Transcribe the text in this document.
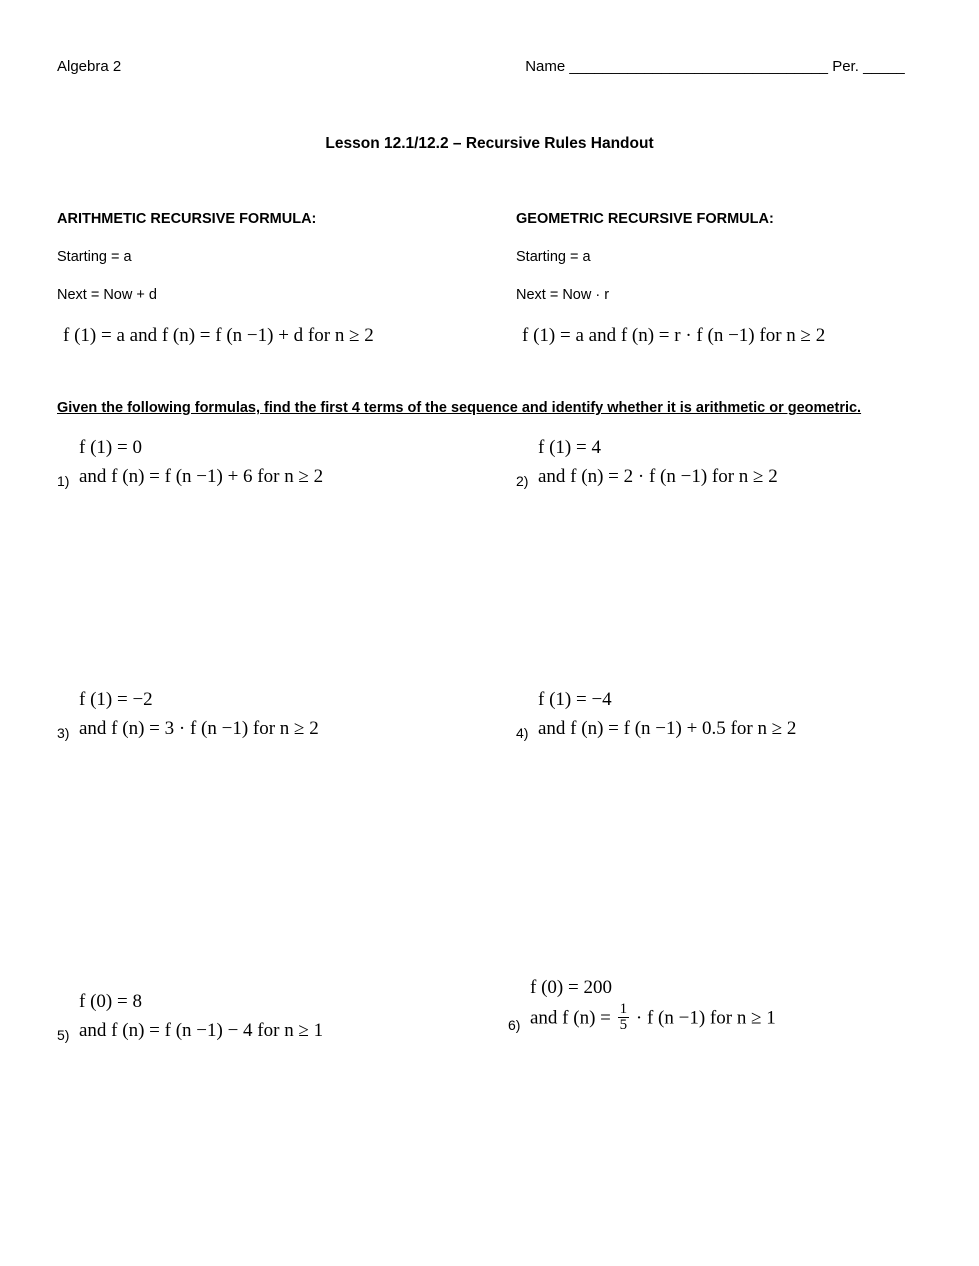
Algebra 2	Name _______________________________ Per. _____
Lesson 12.1/12.2 – Recursive Rules Handout
ARITHMETIC RECURSIVE FORMULA:
Starting = a
Next = Now + d
f (1) = a and f (n) = f (n −1) + d for n ≥ 2
GEOMETRIC RECURSIVE FORMULA:
Starting = a
Next = Now · r
f (1) = a and f (n) = r · f (n −1) for n ≥ 2
Given the following formulas, find the first 4 terms of the sequence and identify whether it is arithmetic or geometric.
1)
f (1) = 0
and f (n) = f (n −1) + 6 for n ≥ 2	2)
f (1) = 4
and f (n) = 2 · f (n −1) for n ≥ 2
3)
f (1) = −2
and f (n) = 3 · f (n −1) for n ≥ 2	4)
f (1) = −4
and f (n) = f (n −1) + 0.5 for n ≥ 2
5)
f (0) = 8
and f (n) = f (n −1) − 4 for n ≥ 1	6)
f (0) = 200
and f $(n) = \frac{1}{5} \cdot f$ (n −1) for n ≥ 1
